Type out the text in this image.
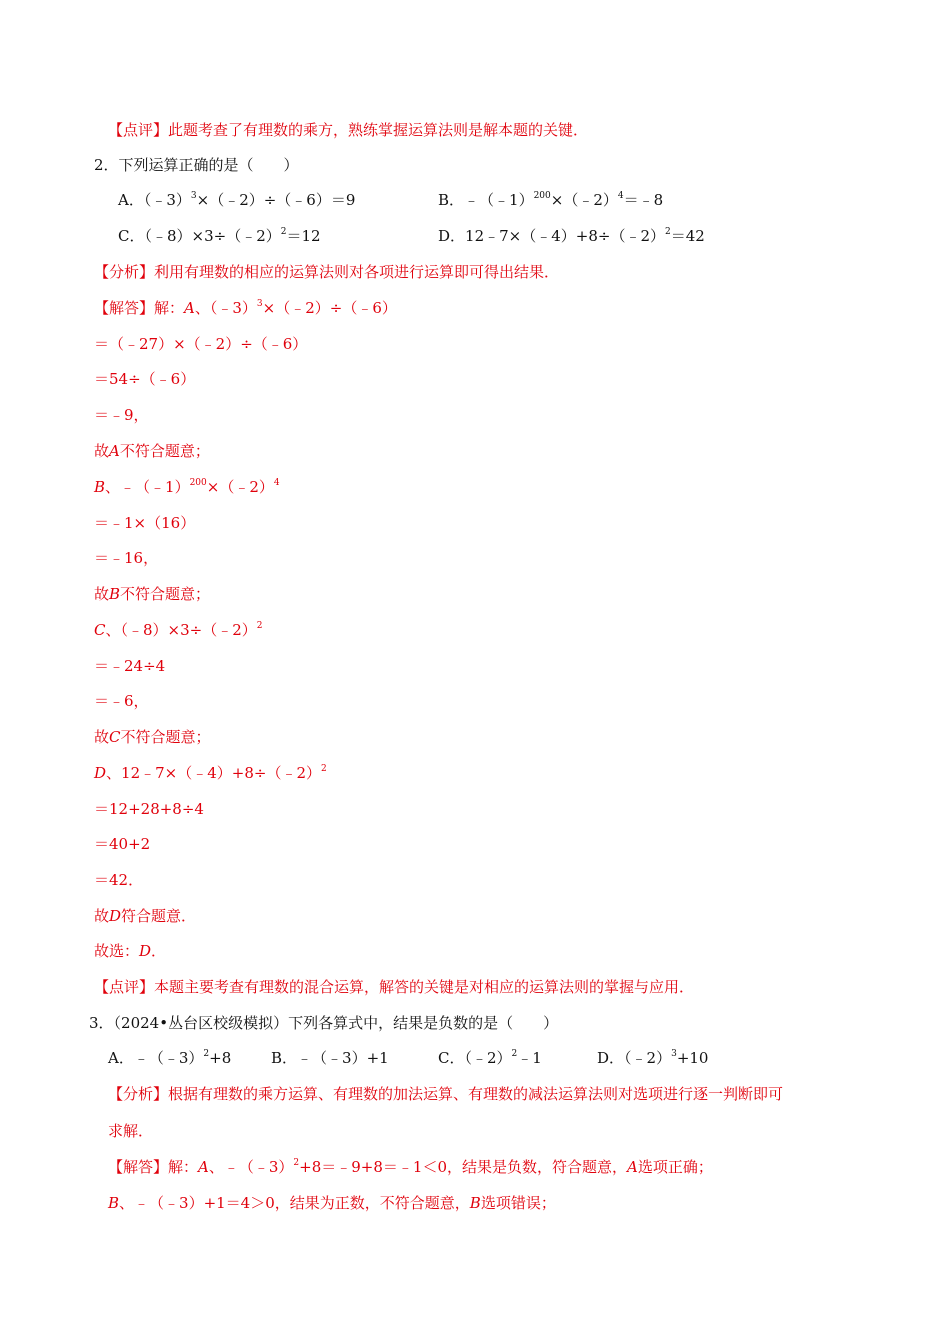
【点评】此题考查了有理数的乘方，熟练掌握运算法则是解本题的关键．
2．下列运算正确的是（　　）
A．（﹣3）$^3$×（﹣2）÷（﹣6）＝9	B．﹣（﹣1）$^{200}$×（﹣2）$^4$＝﹣8
C．（﹣8）×3÷（﹣2）$^2$＝12	D．12﹣7×（﹣4）+8÷（﹣2）$^2$＝42
【分析】利用有理数的相应的运算法则对各项进行运算即可得出结果．
【解答】解：A、（﹣3）$^3$×（﹣2）÷（﹣6）
＝（﹣27）×（﹣2）÷（﹣6）
＝54÷（﹣6）
＝﹣9，
故A不符合题意；
B、﹣（﹣1）$^{200}$×（﹣2）$^4$
＝﹣1×（16）
＝﹣16，
故B不符合题意；
C、（﹣8）×3÷（﹣2）$^2$
＝﹣24÷4
＝﹣6，
故C不符合题意；
D、12﹣7×（﹣4）+8÷（﹣2）$^2$
＝12+28+8÷4
＝40+2
＝42．
故D符合题意．
故选：D．
【点评】本题主要考查有理数的混合运算，解答的关键是对相应的运算法则的掌握与应用．
3．（2024•丛台区校级模拟）下列各算式中，结果是负数的是（　　）
A．﹣（﹣3）$^2$+8	B．﹣（﹣3）+1	C．（﹣2）$^2$﹣1	D．（﹣2）$^3$+10
【分析】根据有理数的乘方运算、有理数的加法运算、有理数的减法运算法则对选项进行逐一判断即可
求解．
【解答】解：A、﹣（﹣3）$^2$+8＝﹣9+8＝﹣1＜0，结果是负数，符合题意，A选项正确；
B、﹣（﹣3）+1＝4＞0，结果为正数，不符合题意，B选项错误；
